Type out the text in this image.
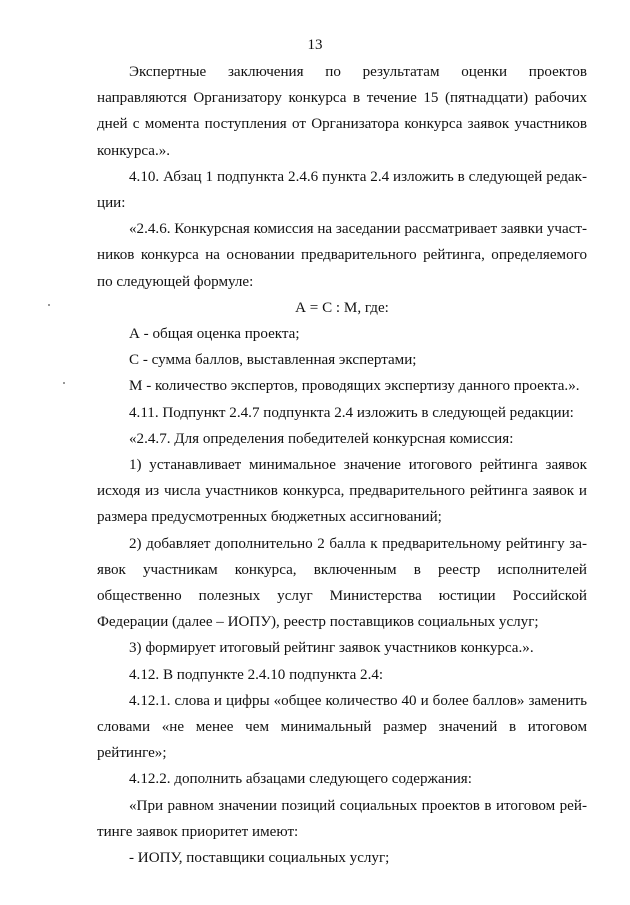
13

Экспертные заключения по результатам оценки проектов направляются Организатору конкурса в течение 15 (пятнадцати) рабочих дней с момента поступления от Организатора конкурса заявок участников конкурса.».

4.10. Абзац 1 подпункта 2.4.6 пункта 2.4 изложить в следующей редак-ции:

«2.4.6. Конкурсная комиссия на заседании рассматривает заявки участ-ников конкурса на основании предварительного рейтинга, определяемого по следующей формуле:

А = С : М, где:

А - общая оценка проекта;

С - сумма баллов, выставленная экспертами;

М - количество экспертов, проводящих экспертизу данного проекта.».

4.11. Подпункт 2.4.7 подпункта 2.4 изложить в следующей редакции:

«2.4.7. Для определения победителей конкурсная комиссия:

1) устанавливает минимальное значение итогового рейтинга заявок исходя из числа участников конкурса, предварительного рейтинга заявок и размера предусмотренных бюджетных ассигнований;

2) добавляет дополнительно 2 балла к предварительному рейтингу за-явок участникам конкурса, включенным в реестр исполнителей общественно полезных услуг Министерства юстиции Российской Федерации (далее – ИОПУ), реестр поставщиков социальных услуг;

3) формирует итоговый рейтинг заявок участников конкурса.».

4.12. В подпункте 2.4.10 подпункта 2.4:

4.12.1. слова и цифры «общее количество 40 и более баллов» заменить словами «не менее чем минимальный размер значений в итоговом рейтинге»;

4.12.2. дополнить абзацами следующего содержания:

«При равном значении позиций социальных проектов в итоговом рей-тинге заявок приоритет имеют:

- ИОПУ, поставщики социальных услуг;
